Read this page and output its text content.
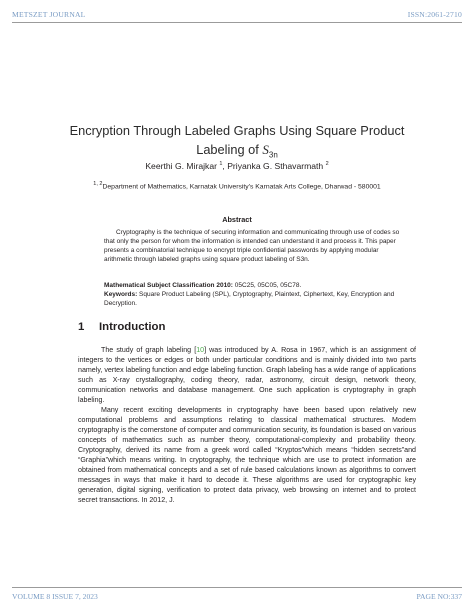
METSZET JOURNAL	ISSN:2061-2710
Encryption Through Labeled Graphs Using Square Product
Labeling of $S_{3n}$
Keerthi G. Mirajkar $^1$, Priyanka G. Sthavarmath $^2$
$^{1, 2}$Department of Mathematics, Karnatak University's Karnatak Arts College, Dharwad - 580001
Abstract
Cryptography is the technique of securing information and communicating through use of codes so that only the person for whom the information is intended can understand it and process it. This paper presents a combinatorial technique to encrypt triple confidential passwords by applying modular arithmetic through labeled graphs using square product labeling of S3n.
Mathematical Subject Classification 2010: 05C25, 05C05, 05C78.
Keywords: Square Product Labeling (SPL), Cryptography, Plaintext, Ciphertext, Key, Encryption and Decryption.
1 Introduction
The study of graph labeling [10] was introduced by A. Rosa in 1967, which is an assignment of integers to the vertices or edges or both under particular conditions and is mainly divided into two parts namely, vertex labeling function and edge labeling function. Graph labeling has a wide range of applications such as X-ray crystallography, coding theory, radar, astronomy, circuit design, network theory, communication networks and database management. One such application is cryptography in graph labeling.
Many recent exciting developments in cryptography have been based upon relatively new computational problems and assumptions relating to classical mathematical structures. Modern cryptography is the cornerstone of computer and communication security, its foundation is based on various concepts of mathematics such as number theory, computational-complexity and probability theory. Cryptography, derived its name from a greek word called “Kryptos”which means “hidden secrets”and “Graphia”which means writing. In cryptography, the technique which are use to protect information are obtained from mathematical concepts and a set of rule based calculations known as algorithms to convert messages in ways that make it hard to decode it. These algorithms are used for cryptographic key generation, digital signing, verification to protect data privacy, web browsing on internet and to protect secret transactions. In 2012, J.
VOLUME 8 ISSUE 7, 2023	PAGE NO:337
